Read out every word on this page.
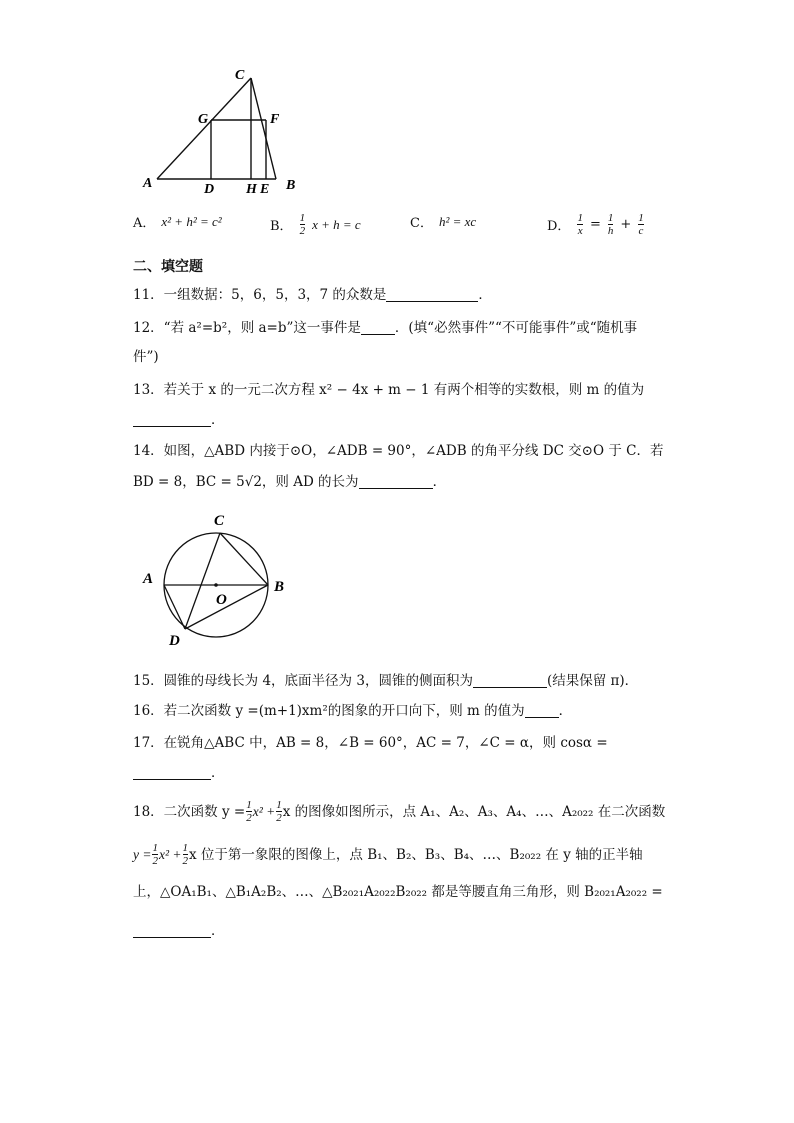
C
G	F
A	D H E B
A． x² + h² = c²	B． $\frac{1}{2}$ x + h = c	C． h² = xc	D． $\frac{1}{x} = \frac{1}{h} + \frac{1}{c}$
二、填空题
11．一组数据：5，6，5，3，7 的众数是	．
12．“若 a²=b²，则 a=b”这一事件是	．(填“必然事件”“不可能事件”或“随机事
件”)
13．若关于 x 的一元二次方程 x² − 4x + m − 1 有两个相等的实数根，则 m 的值为
．
14．如图，△ABD 内接于⊙O，∠ADB = 90°，∠ADB 的角平分线 DC 交⊙O 于 C．若
BD = 8，BC = 5√2，则 AD 的长为	．
C
A
O
B
D
15．圆锥的母线长为 4，底面半径为 3，圆锥的侧面积为	(结果保留 π)．
16．若二次函数 y =(m+1)xm²的图象的开口向下，则 m 的值为	．
17．在锐角△ABC 中，AB = 8，∠B = 60°，AC = 7，∠C = α，则 cosα =
．
18．二次函数 $y = \frac{1}{2} x^2 + \frac{1}{2}$ x 的图像如图所示，点 A₁、A₂、A₃、A₄、…、A₂₀₂₂ 在二次函数
$y = \frac{1}{2} x^2 + \frac{1}{2}$ x 位于第一象限的图像上，点 B₁、B₂、B₃、B₄、…、B₂₀₂₂ 在 y 轴的正半轴
上，△OA₁B₁、△B₁A₂B₂、…、△B₂₀₂₁A₂₀₂₂B₂₀₂₂ 都是等腰直角三角形，则 B₂₀₂₁A₂₀₂₂ =
．
